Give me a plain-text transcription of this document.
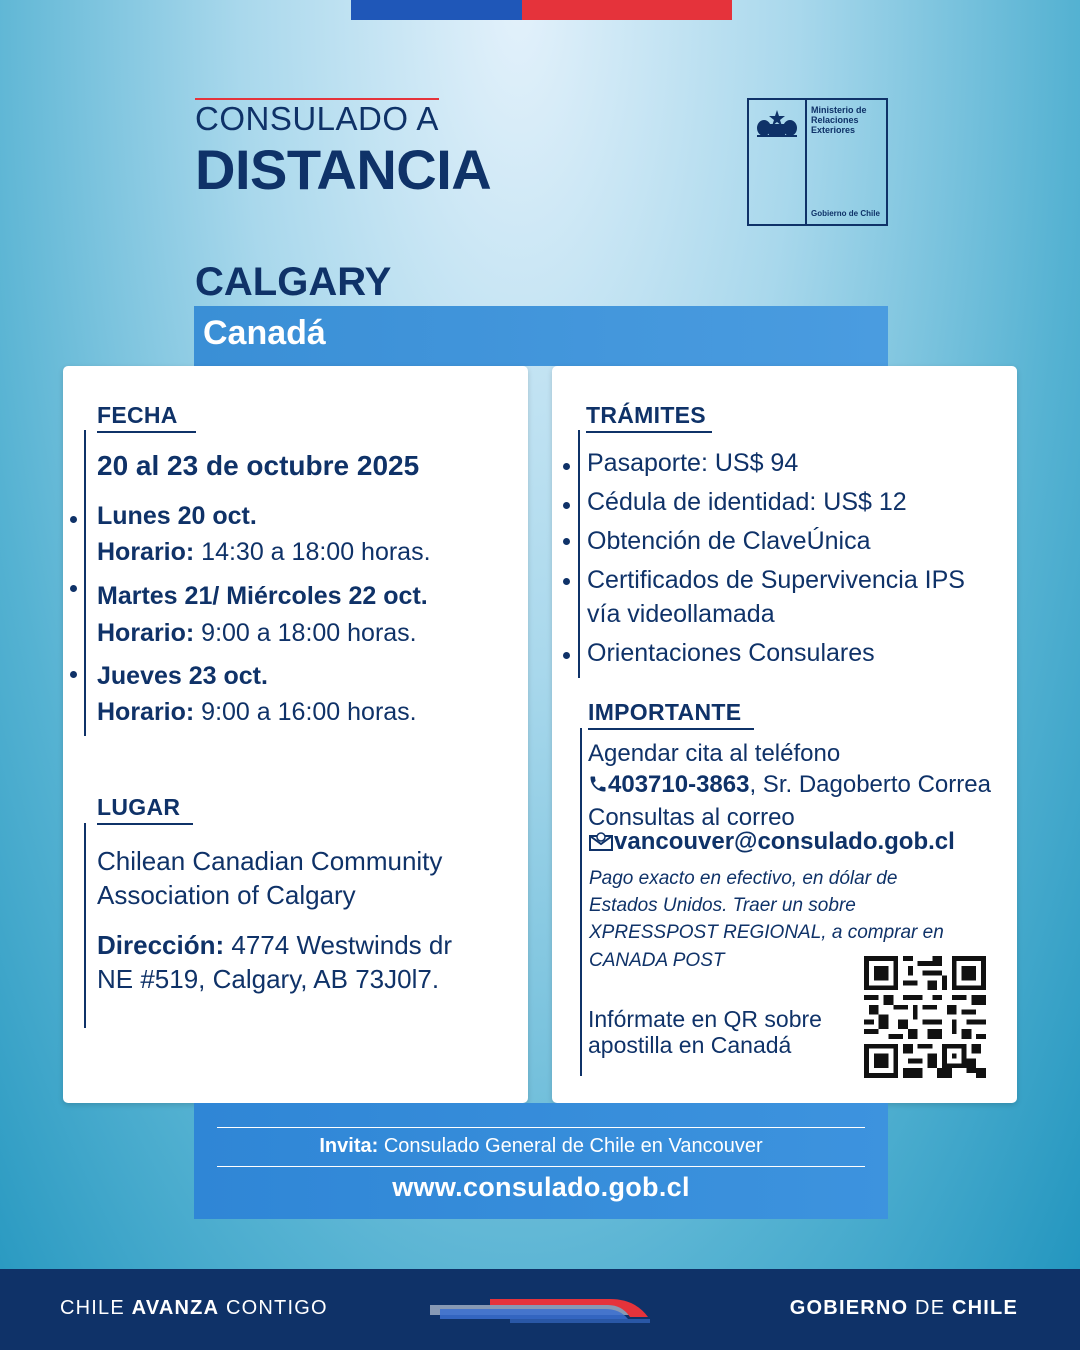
CONSULADO A
DISTANCIA
Ministerio de
Relaciones
Exteriores
Gobierno de Chile
CALGARY
Canadá
FECHA
20 al 23 de octubre 2025
Lunes 20 oct.
Horario: 14:30 a 18:00 horas.
Martes 21/ Miércoles 22 oct.
Horario: 9:00 a 18:00 horas.
Jueves 23 oct.
Horario: 9:00 a 16:00 horas.
LUGAR
Chilean Canadian Community
Association of Calgary
Dirección: 4774 Westwinds dr
NE #519, Calgary, AB 73J0l7.
TRÁMITES
Pasaporte: US$ 94
Cédula de identidad: US$ 12
Obtención de ClaveÚnica
Certificados de Supervivencia IPS
vía videollamada
Orientaciones Consulares
IMPORTANTE
Agendar cita al teléfono
403710-3863, Sr. Dagoberto Correa
Consultas al correo
vancouver@consulado.gob.cl
Pago exacto en efectivo, en dólar de
Estados Unidos. Traer un sobre
XPRESSPOST REGIONAL, a comprar en
CANADA POST
Infórmate en QR sobre
apostilla en Canadá
Invita: Consulado General de Chile en Vancouver
www.consulado.gob.cl
CHILE AVANZA CONTIGO	GOBIERNO DE CHILE
